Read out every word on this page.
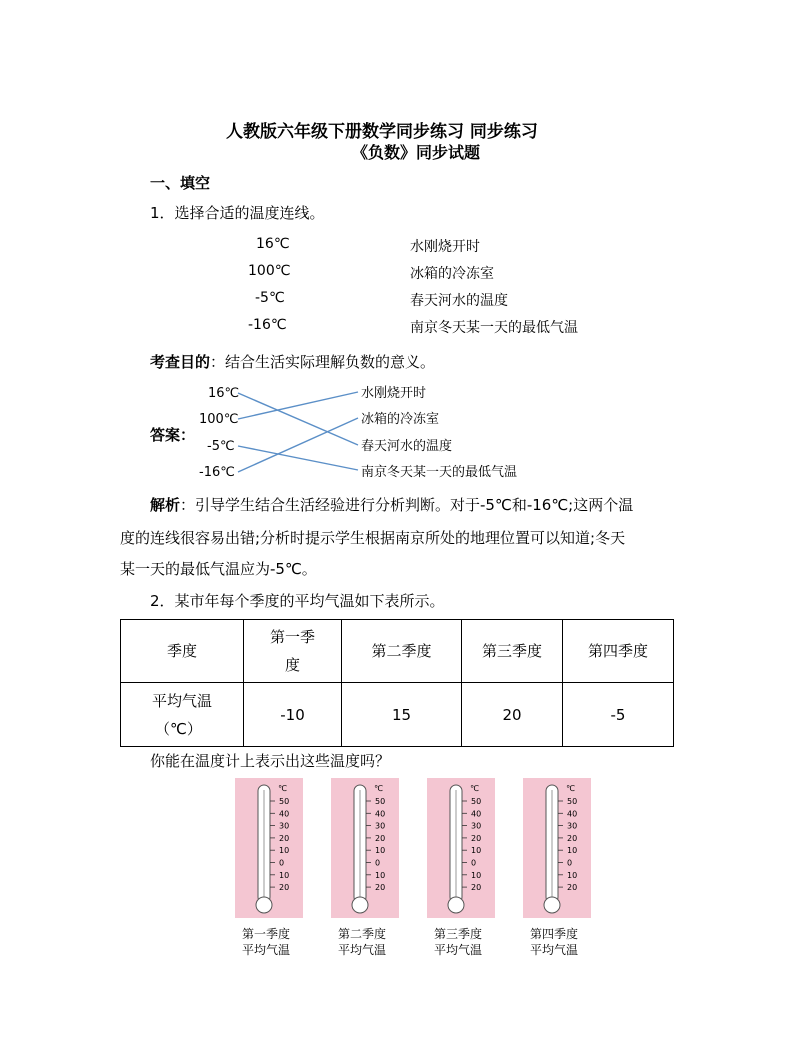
人教版六年级下册数学同步练习 同步练习
《负数》同步试题
一、填空
1．选择合适的温度连线。
16℃
100℃
-5℃
-16℃
水刚烧开时
冰箱的冷冻室
春天河水的温度
南京冬天某一天的最低气温
考查目的：结合生活实际理解负数的意义。
答案：
16℃
100℃
-5℃
-16℃
水刚烧开时
冰箱的冷冻室
春天河水的温度
南京冬天某一天的最低气温
解析：引导学生结合生活经验进行分析判断。对于-5℃和-16℃;这两个温
度的连线很容易出错;分析时提示学生根据南京所处的地理位置可以知道;冬天
某一天的最低气温应为-5℃。
2．某市年每个季度的平均气温如下表所示。
季度	第一季度	第二季度	第三季度	第四季度

平均气温
（℃）	-10	15	20	-5
你能在温度计上表示出这些温度吗？
℃
50
40
30
20
10
0
10
20
第一季度
平均气温
℃
50
40
30
20
10
0
10
20
第二季度
平均气温
℃
50
40
30
20
10
0
10
20
第三季度
平均气温
℃
50
40
30
20
10
0
10
20
第四季度
平均气温
